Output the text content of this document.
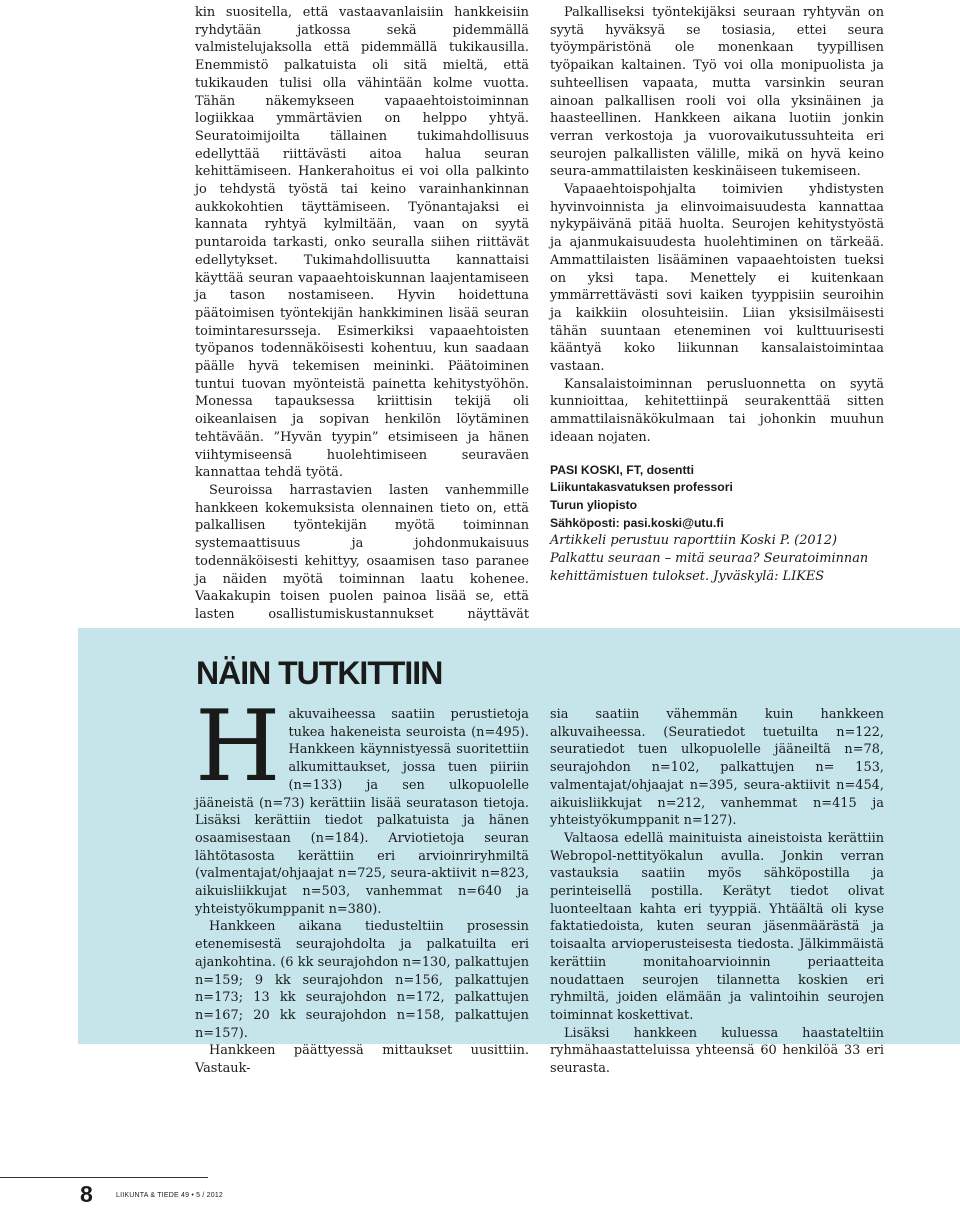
kin suositella, että vastaavanlaisiin hankkeisiin ryhdytään jatkossa sekä pidemmällä valmistelujaksolla että pidemmällä tukikausilla. Enemmistö palkatuista oli sitä mieltä, että tukikauden tulisi olla vähintään kolme vuotta. Tähän näkemykseen vapaaehtoistoiminnan logiikkaa ymmärtävien on helppo yhtyä. Seuratoimijoilta tällainen tukimahdollisuus edellyttää riittävästi aitoa halua seuran kehittämiseen. Hankerahoitus ei voi olla palkinto jo tehdystä työstä tai keino varainhankinnan aukkokohtien täyttämiseen. Työnantajaksi ei kannata ryhtyä kylmiltään, vaan on syytä puntaroida tarkasti, onko seuralla siihen riittävät edellytykset. Tukimahdollisuutta kannattaisi käyttää seuran vapaaehtoiskunnan laajentamiseen ja tason nostamiseen. Hyvin hoidettuna päätoimisen työntekijän hankkiminen lisää seuran toimintaresursseja. Esimerkiksi vapaaehtoisten työpanos todennäköisesti kohentuu, kun saadaan päälle hyvä tekemisen meininki. Päätoiminen tuntui tuovan myönteistä painetta kehitystyöhön. Monessa tapauksessa kriittisin tekijä oli oikeanlaisen ja sopivan henkilön löytäminen tehtävään. ”Hyvän tyypin” etsimiseen ja hänen viihtymiseensä huolehtimiseen seuraväen kannattaa tehdä työtä.

Seuroissa harrastavien lasten vanhemmille hankkeen kokemuksista olennainen tieto on, että palkallisen työntekijän myötä toiminnan systemaattisuus ja johdonmukaisuus todennäköisesti kehittyy, osaamisen taso paranee ja näiden myötä toiminnan laatu kohenee. Vaakakupin toisen puolen painoa lisää se, että lasten osallistumiskustannukset näyttävät

Palkalliseksi työntekijäksi seuraan ryhtyvän on syytä hyväksyä se tosiasia, ettei seura työympäristönä ole monenkaan tyypillisen työpaikan kaltainen. Työ voi olla monipuolista ja suhteellisen vapaata, mutta varsinkin seuran ainoan palkallisen rooli voi olla yksinäinen ja haasteellinen. Hankkeen aikana luotiin jonkin verran verkostoja ja vuorovaikutussuhteita eri seurojen palkallisten välille, mikä on hyvä keino seura-ammattilaisten keskinäiseen tukemiseen.

Vapaaehtoispohjalta toimivien yhdistysten hyvinvoinnista ja elinvoimaisuudesta kannattaa nykypäivänä pitää huolta. Seurojen kehitystyöstä ja ajanmukaisuudesta huolehtiminen on tärkeää. Ammattilaisten lisääminen vapaaehtoisten tueksi on yksi tapa. Menettely ei kuitenkaan ymmärrettävästi sovi kaiken tyyppisiin seuroihin ja kaikkiin olosuhteisiin. Liian yksisilmäisesti tähän suuntaan eteneminen voi kulttuurisesti kääntyä koko liikunnan kansalaistoimintaa vastaan.

Kansalaistoiminnan perusluonnetta on syytä kunnioittaa, kehitettiinpä seurakenttää sitten ammattilaisnäkökulmaan tai johonkin muuhun ideaan nojaten.

PASI KOSKI, FT, dosentti
Liikuntakasvatuksen professori
Turun yliopisto
Sähköposti: pasi.koski@utu.fi

Artikkeli perustuu raporttiin Koski P. (2012) Palkattu seuraan – mitä seuraa? Seuratoiminnan kehittämistuen tulokset. Jyväskylä: LIKES

NÄIN TUTKITTIIN

Hakuvaiheessa saatiin perustietoja tukea hakeneista seuroista (n=495). Hankkeen käynnistyessä suoritettiin alkumittaukset, jossa tuen piiriin (n=133) ja sen ulkopuolelle jääneistä (n=73) kerättiin lisää seuratason tietoja. Lisäksi kerättiin tiedot palkatuista ja hänen osaamisestaan (n=184). Arviotietoja seuran lähtötasosta kerättiin eri arvioinriryhmiltä (valmentajat/ohjaajat n=725, seura-aktiivit n=823, aikuisliikkujat n=503, vanhemmat n=640 ja yhteistyökumppanit n=380).

Hankkeen aikana tiedusteltiin prosessin etenemisestä seurajohdolta ja palkatuilta eri ajankohtina. (6 kk seurajohdon n=130, palkattujen n=159; 9 kk seurajohdon n=156, palkattujen n=173; 13 kk seurajohdon n=172, palkattujen n=167; 20 kk seurajohdon n=158, palkattujen n=157).

Hankkeen päättyessä mittaukset uusittiin. Vastauk-

sia saatiin vähemmän kuin hankkeen alkuvaiheessa. (Seuratiedot tuetuilta n=122, seuratiedot tuen ulkopuolelle jääneiltä n=78, seurajohdon n=102, palkattujen n= 153, valmentajat/ohjaajat n=395, seura-aktiivit n=454, aikuisliikkujat n=212, vanhemmat n=415 ja yhteistyökumppanit n=127).

Valtaosa edellä mainituista aineistoista kerättiin Webropol-nettityökalun avulla. Jonkin verran vastauksia saatiin myös sähköpostilla ja perinteisellä postilla. Kerätyt tiedot olivat luonteeltaan kahta eri tyyppiä. Yhtäältä oli kyse faktatiedoista, kuten seuran jäsenmäärästä ja toisaalta arvioperusteisesta tiedosta. Jälkimmäistä kerättiin monitahoarvioinnin periaatteita noudattaen seurojen tilannetta koskien eri ryhmiltä, joiden elämään ja valintoihin seurojen toiminnat koskettivat.

Lisäksi hankkeen kuluessa haastateltiin ryhmähaastatteluissa yhteensä 60 henkilöä 33 eri seurasta.

8	LIIKUNTA & TIEDE 49 • 5 / 2012
